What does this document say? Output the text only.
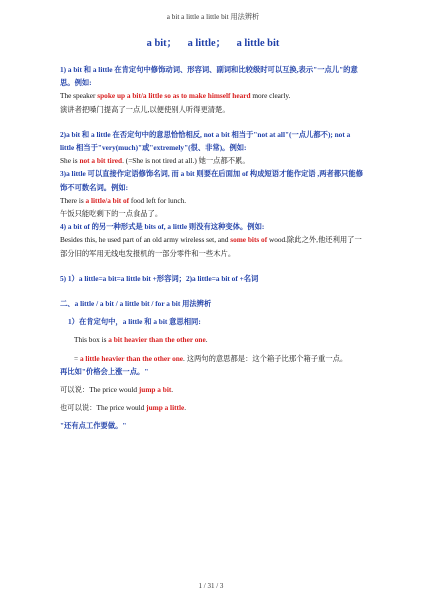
a bit a little a little bit 用法辨析
a bit； a little； a little bit

1) a bit 和 a little 在肯定句中修饰动词、形容词、副词和比较级时可以互换,表示"一点儿"的意思。例如:

The speaker spoke up a bit/a little so as to make himself heard more clearly.

演讲者把嗓门提高了一点儿,以便使别人听得更清楚。

2)a bit 和 a little 在否定句中的意思恰恰相反, not a bit 相当于"not at all"(一点儿都不); not a little 相当于"very(much)"或"extremely"(很、非常)。例如:

She is not a bit tired. (=She is not tired at all.) 她一点都不累。

3)a little 可以直接作定语修饰名词, 而 a bit 则要在后面加 of 构成短语才能作定语 ,两者都只能修饰不可数名词。例如:

There is a little/a bit of food left for lunch.

午饭只能吃剩下的一点食品了。

4) a bit of 的另一种形式是 bits of, a little 则没有这种变体。例如:

Besides this, he used part of an old army wireless set, and some bits of wood.除此之外,他还利用了一部分旧的军用无线电发报机的一部分零件和一些木片。

5) 1）a little=a bit=a little bit +形容词；2)a little=a bit of +名词

二、a little / a bit / a little bit / for a bit 用法辨析

1）在肯定句中，a little 和 a bit 意思相同:

This box is a bit heavier than the other one.

= a little heavier than the other one. 这两句的意思都是：这个箱子比那个箱子重一点。

再比如"价格会上涨一点。"

可以说：The price would jump a bit.

也可以说：The price would jump a little.

"还有点工作要做。"

1 / 31 / 3
